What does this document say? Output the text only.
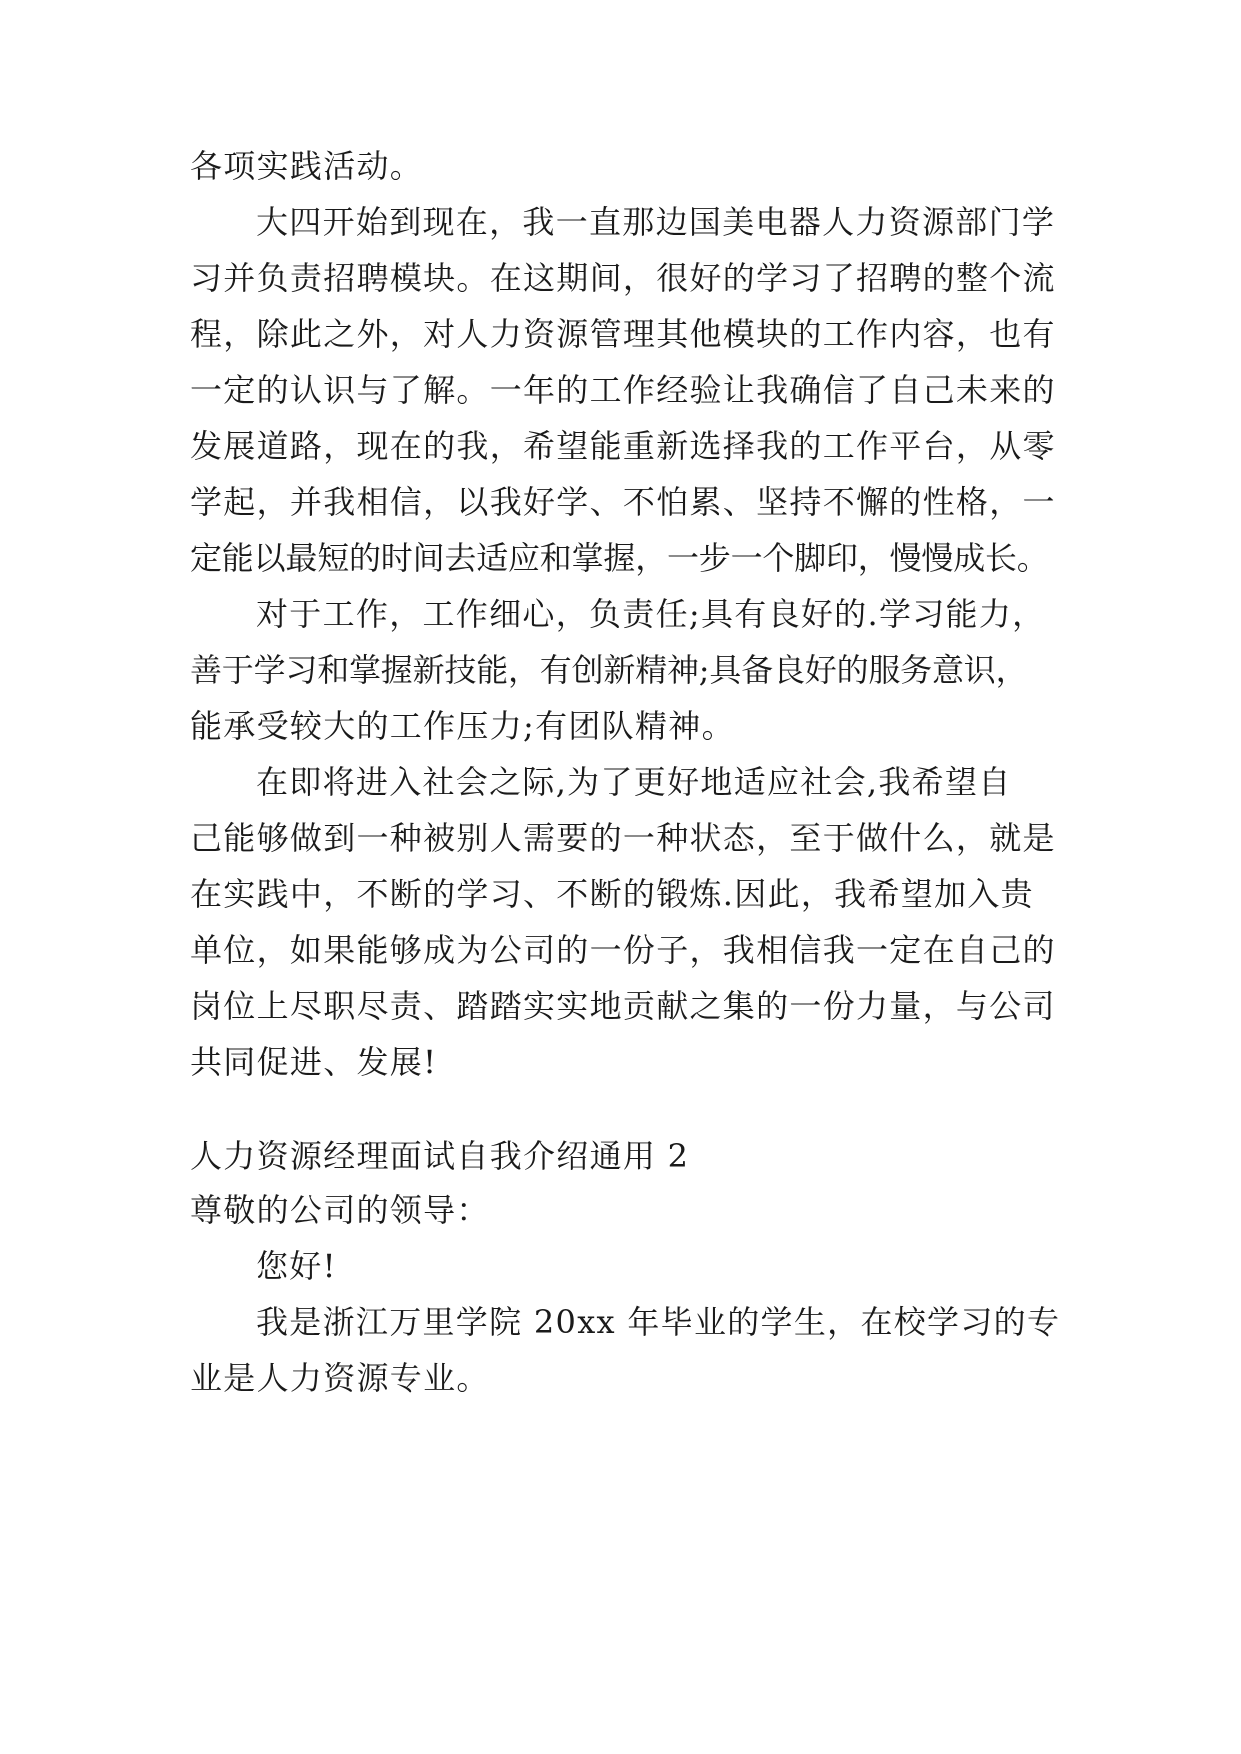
各项实践活动。
大四开始到现在，我一直那边国美电器人力资源部门学
习并负责招聘模块。在这期间，很好的学习了招聘的整个流
程，除此之外，对人力资源管理其他模块的工作内容，也有
一定的认识与了解。一年的工作经验让我确信了自己未来的
发展道路，现在的我，希望能重新选择我的工作平台，从零
学起，并我相信，以我好学、不怕累、坚持不懈的性格，一
定能以最短的时间去适应和掌握，一步一个脚印，慢慢成长。
对于工作，工作细心，负责任;具有良好的.学习能力，
善于学习和掌握新技能，有创新精神;具备良好的服务意识，
能承受较大的工作压力;有团队精神。
在即将进入社会之际,为了更好地适应社会,我希望自
己能够做到一种被别人需要的一种状态，至于做什么，就是
在实践中，不断的学习、不断的锻炼.因此，我希望加入贵
单位，如果能够成为公司的一份子，我相信我一定在自己的
岗位上尽职尽责、踏踏实实地贡献之集的一份力量，与公司
共同促进、发展!
人力资源经理面试自我介绍通用 2
尊敬的公司的领导：
您好!
我是浙江万里学院 20xx 年毕业的学生，在校学习的专
业是人力资源专业。
